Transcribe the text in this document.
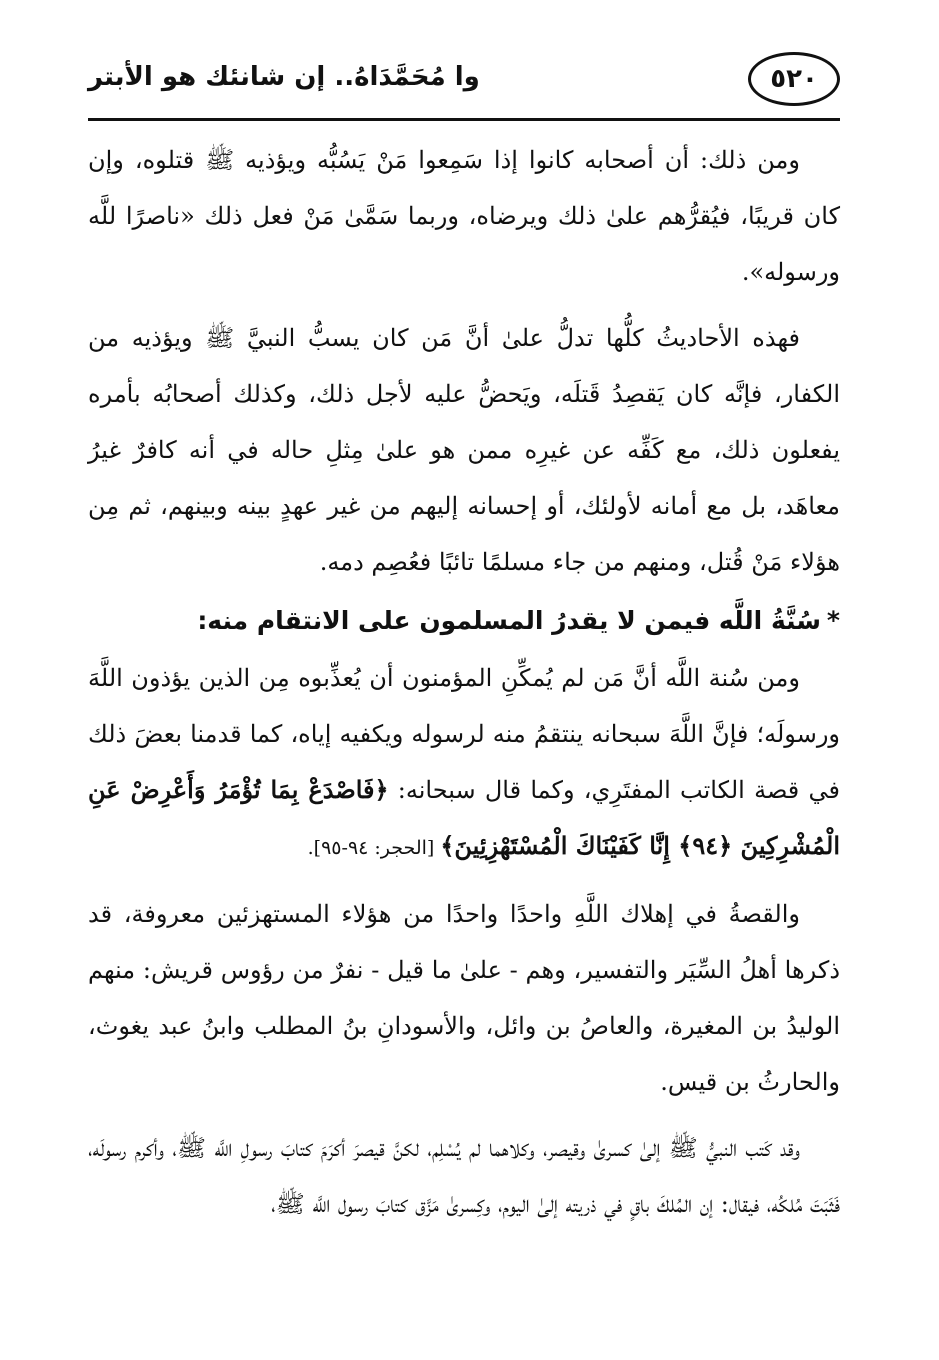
٥٢٠
وا مُحَمَّدَاهُ.. إن شانئك هو الأبتر

ومن ذلك: أن أصحابه كانوا إذا سَمِعوا مَنْ يَسُبُّه ويؤذيه ﷺ قتلوه، وإن كان قريبًا، فيُقرُّهم علىٰ ذلك ويرضاه، وربما سَمَّىٰ مَنْ فعل ذلك «ناصرًا للَّه ورسوله».

فهذه الأحاديثُ كلُّها تدلُّ علىٰ أنَّ مَن كان يسبُّ النبيَّ ﷺ ويؤذيه من الكفار، فإنَّه كان يَقصِدُ قَتلَه، ويَحضُّ عليه لأجل ذلك، وكذلك أصحابُه بأمره يفعلون ذلك، مع كَفِّه عن غيرِه ممن هو علىٰ مِثلِ حاله في أنه كافرٌ غيرُ معاهَد، بل مع أمانه لأولئك، أو إحسانه إليهم من غير عهدٍ بينه وبينهم، ثم مِن هؤلاء مَنْ قُتل، ومنهم من جاء مسلمًا تائبًا فعُصِم دمه.

*سُنَّةُ اللَّه فيمن لا يقدرُ المسلمون على الانتقام منه:

ومن سُنة اللَّه أنَّ مَن لم يُمكِّنِ المؤمنون أن يُعذِّبوه مِن الذين يؤذون اللَّهَ ورسولَه؛ فإنَّ اللَّهَ سبحانه ينتقمُ منه لرسوله ويكفيه إياه، كما قدمنا بعضَ ذلك في قصة الكاتب المفتَرِي، وكما قال سبحانه: ﴿فَاصْدَعْ بِمَا تُؤْمَرُ وَأَعْرِضْ عَنِ الْمُشْرِكِينَ ﴿٩٤﴾ إِنَّا كَفَيْنَاكَ الْمُسْتَهْزِئِينَ﴾ [الحجر: ٩٤-٩٥].

والقصةُ في إهلاك اللَّهِ واحدًا واحدًا من هؤلاء المستهزئين معروفة، قد ذكرها أهلُ السِّيَر والتفسير، وهم - علىٰ ما قيل - نفرٌ من رؤوس قريش: منهم الوليدُ بن المغيرة، والعاصُ بن وائل، والأسودانِ بنُ المطلب وابنُ عبد يغوث، والحارثُ بن قيس.

وقد كَتب النبيُّ ﷺ إلىٰ كسرىٰ وقيصر، وكلاهما لم يُسْلِم، لكنَّ قيصرَ أكرَمَ كتابَ رسولِ اللَّه ﷺ، وأكرم رسولَه، فَثَبَتَ مُلكُه، فيقال: إن المُلكَ باقٍ في ذريته إلىٰ اليوم، وكِسرىٰ مَزَّق كتابَ رسول اللَّه ﷺ،
